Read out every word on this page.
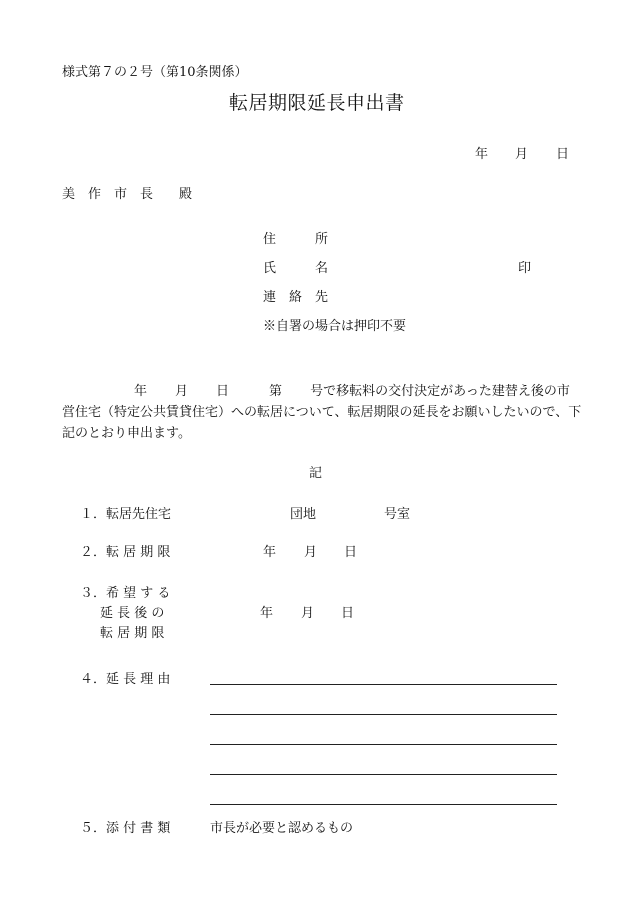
様式第７の２号（第10条関係）
転居期限延長申出書
年 月 日
美　作　市　長　　殿
住　　　所
氏　　　名	印
連　絡　先
※自署の場合は押印不要
年 月 日	第 号で移転料の交付決定があった建替え後の市営住宅（特定公共賃貸住宅）への転居について、転居期限の延長をお願いしたいので、下記のとおり申出ます。
記
１．転居先住宅	団地	号室
２．転 居 期 限	年 月 日
３．希 望 す る
延 長 後 の
転 居 期 限
年 月 日
４．延 長 理 由
５．添 付 書 類	市長が必要と認めるもの
